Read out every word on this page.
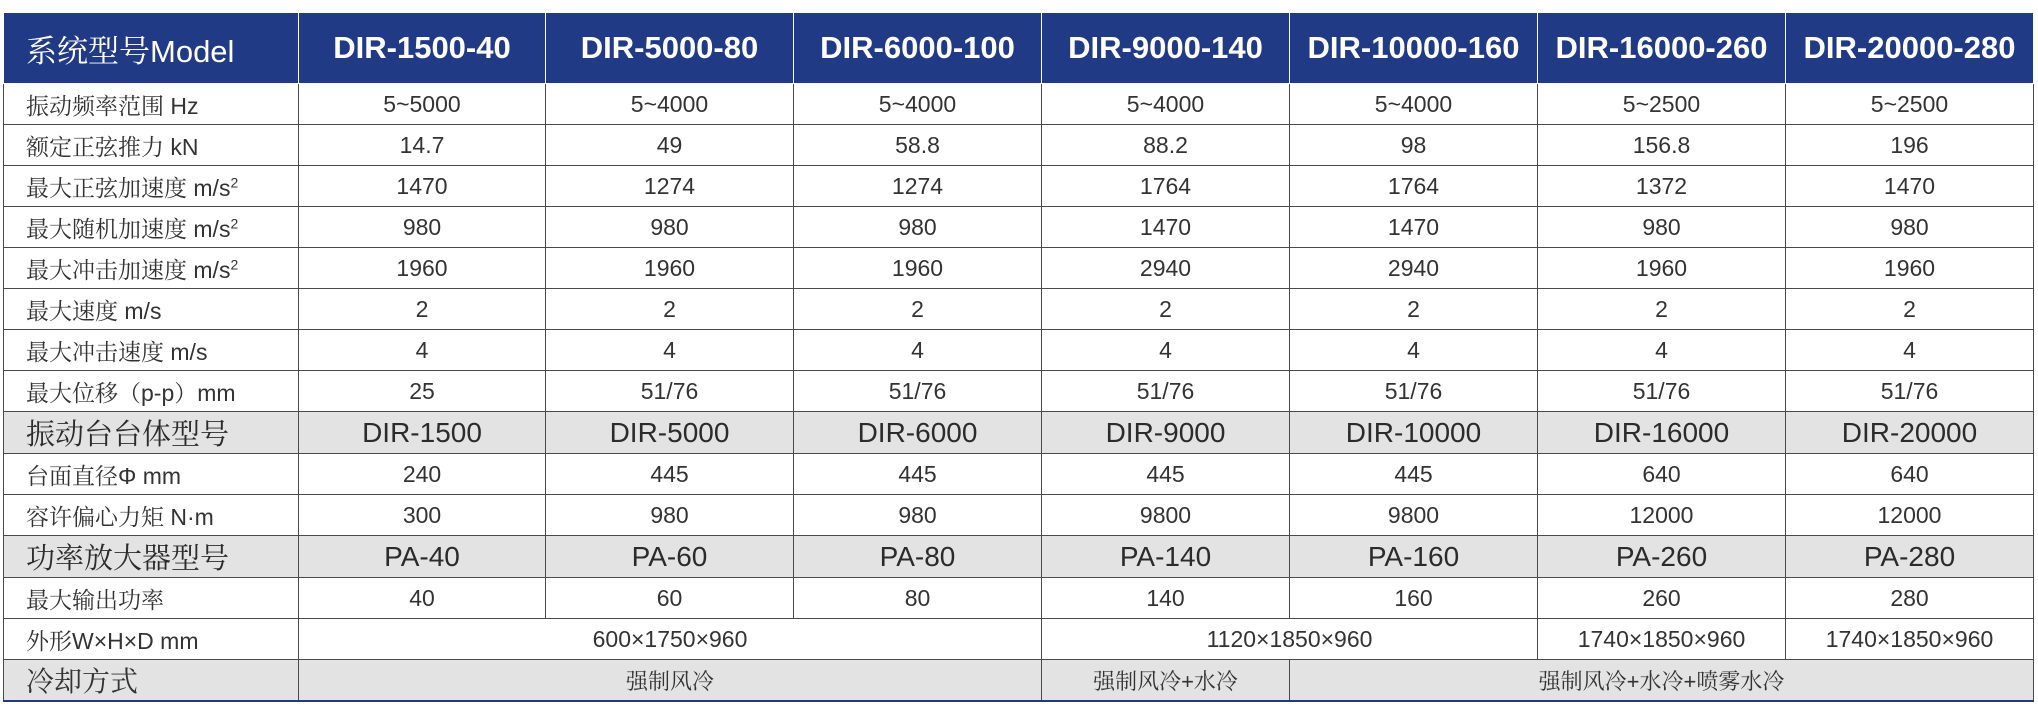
系统型号Model	DIR-1500-40	DIR-5000-80	DIR-6000-100	DIR-9000-140	DIR-10000-160	DIR-16000-260	DIR-20000-280
振动频率范围 Hz	5~5000	5~4000	5~4000	5~4000	5~4000	5~2500	5~2500
额定正弦推力 kN	14.7	49	58.8	88.2	98	156.8	196
最大正弦加速度 $m/s^2$	1470	1274	1274	1764	1764	1372	1470
最大随机加速度 $m/s^2$	980	980	980	1470	1470	980	980
最大冲击加速度 $m/s^2$	1960	1960	1960	2940	2940	1960	1960
最大速度 m/s	2	2	2	2	2	2	2
最大冲击速度 m/s	4	4	4	4	4	4	4
最大位移（p-p）mm	25	51/76	51/76	51/76	51/76	51/76	51/76
振动台台体型号	DIR-1500	DIR-5000	DIR-6000	DIR-9000	DIR-10000	DIR-16000	DIR-20000
台面直径Φ mm	240	445	445	445	445	640	640
容许偏心力矩 N·m	300	980	980	9800	9800	12000	12000
功率放大器型号	PA-40	PA-60	PA-80	PA-140	PA-160	PA-260	PA-280
最大输出功率	40	60	80	140	160	260	280
外形W×H×D mm	600×1750×960			1120×1850×960		1740×1850×960	1740×1850×960
冷却方式	强制风冷			强制风冷+水冷	强制风冷+水冷+喷雾水冷		
